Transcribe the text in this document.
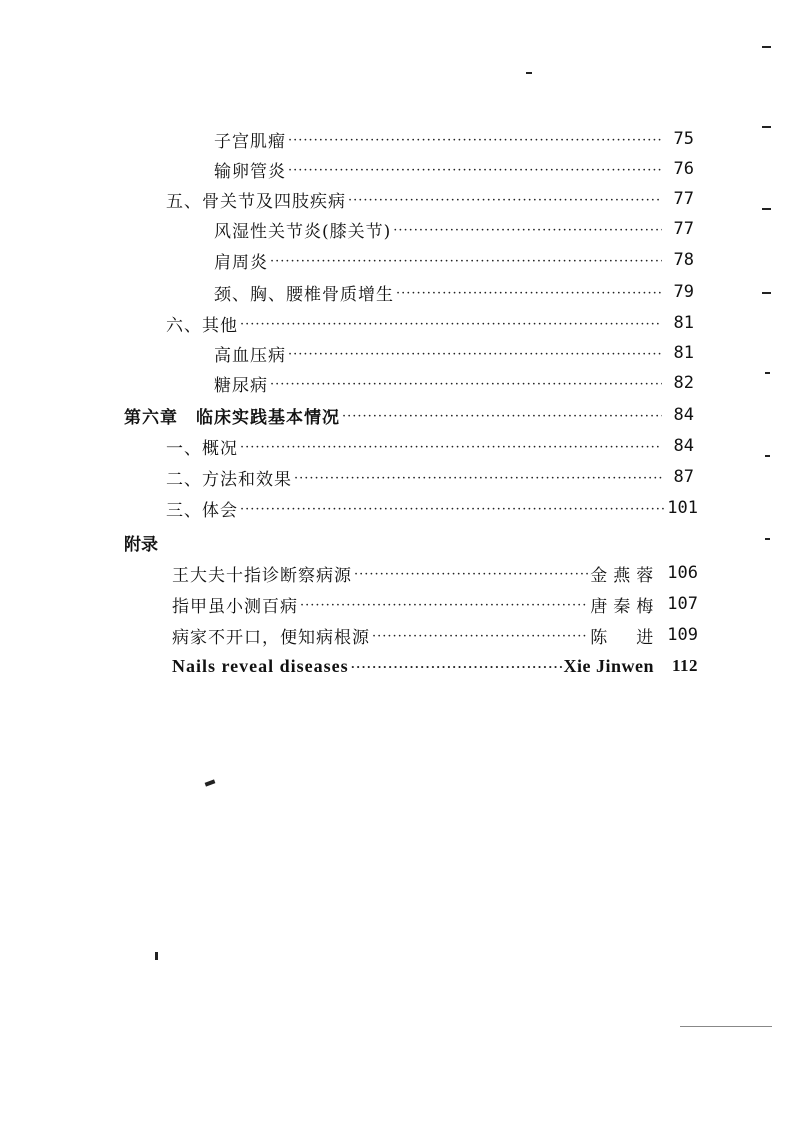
子宫肌瘤 ·····	75
输卵管炎 ·····	76
五、骨关节及四肢疾病 ·····	77
风湿性关节炎(膝关节) ·····	77
肩周炎 ·····	78
颈、胸、腰椎骨质增生 ·····	79
六、其他 ·····	81
高血压病 ·····	81
糖尿病 ·····	82
第六章　临床实践基本情况 ·····	84
一、概况 ·····	84
二、方法和效果 ·····	87
三、体会 ·····	101
附录
王大夫十指诊断察病源 ·····	金燕蓉 106
指甲虽小测百病 ·····	唐秦梅 107
病家不开口，便知病根源 ·····	陈　进 109
Nails reveal diseases ·····	Xie Jinwen 112
